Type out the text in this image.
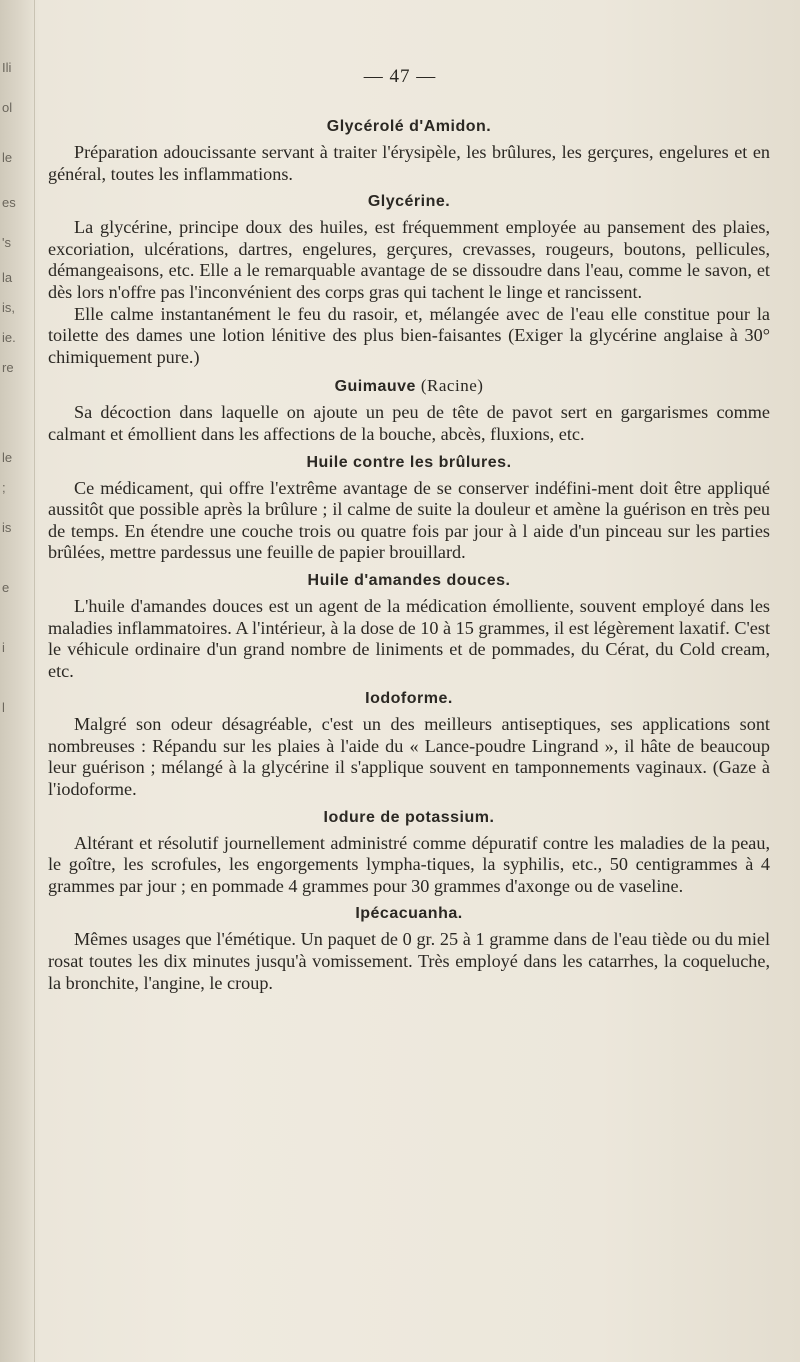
Ili
ol
le
es
's
la
is,
ie.
re
le
;
is
e
i
l
— 47 —
Glycérolé d'Amidon.

Préparation adoucissante servant à traiter l'érysipèle, les brûlures, les gerçures, engelures et en général, toutes les inflammations.

Glycérine.

La glycérine, principe doux des huiles, est fréquemment employée au pansement des plaies, excoriation, ulcérations, dartres, engelures, gerçures, crevasses, rougeurs, boutons, pellicules, démangeaisons, etc. Elle a le remarquable avantage de se dissoudre dans l'eau, comme le savon, et dès lors n'offre pas l'inconvénient des corps gras qui tachent le linge et rancissent.

Elle calme instantanément le feu du rasoir, et, mélangée avec de l'eau elle constitue pour la toilette des dames une lotion lénitive des plus bien-faisantes (Exiger la glycérine anglaise à 30° chimiquement pure.)

Guimauve (Racine)

Sa décoction dans laquelle on ajoute un peu de tête de pavot sert en gargarismes comme calmant et émollient dans les affections de la bouche, abcès, fluxions, etc.

Huile contre les brûlures.

Ce médicament, qui offre l'extrême avantage de se conserver indéfini-ment doit être appliqué aussitôt que possible après la brûlure ; il calme de suite la douleur et amène la guérison en très peu de temps. En étendre une couche trois ou quatre fois par jour à l aide d'un pinceau sur les parties brûlées, mettre pardessus une feuille de papier brouillard.

Huile d'amandes douces.

L'huile d'amandes douces est un agent de la médication émolliente, souvent employé dans les maladies inflammatoires. A l'intérieur, à la dose de 10 à 15 grammes, il est légèrement laxatif. C'est le véhicule ordinaire d'un grand nombre de liniments et de pommades, du Cérat, du Cold cream, etc.

Iodoforme.

Malgré son odeur désagréable, c'est un des meilleurs antiseptiques, ses applications sont nombreuses : Répandu sur les plaies à l'aide du « Lance-poudre Lingrand », il hâte de beaucoup leur guérison ; mélangé à la glycérine il s'applique souvent en tamponnements vaginaux. (Gaze à l'iodoforme.

Iodure de potassium.

Altérant et résolutif journellement administré comme dépuratif contre les maladies de la peau, le goître, les scrofules, les engorgements lympha-tiques, la syphilis, etc., 50 centigrammes à 4 grammes par jour ; en pommade 4 grammes pour 30 grammes d'axonge ou de vaseline.

Ipécacuanha.

Mêmes usages que l'émétique. Un paquet de 0 gr. 25 à 1 gramme dans de l'eau tiède ou du miel rosat toutes les dix minutes jusqu'à vomissement. Très employé dans les catarrhes, la coqueluche, la bronchite, l'angine, le croup.
